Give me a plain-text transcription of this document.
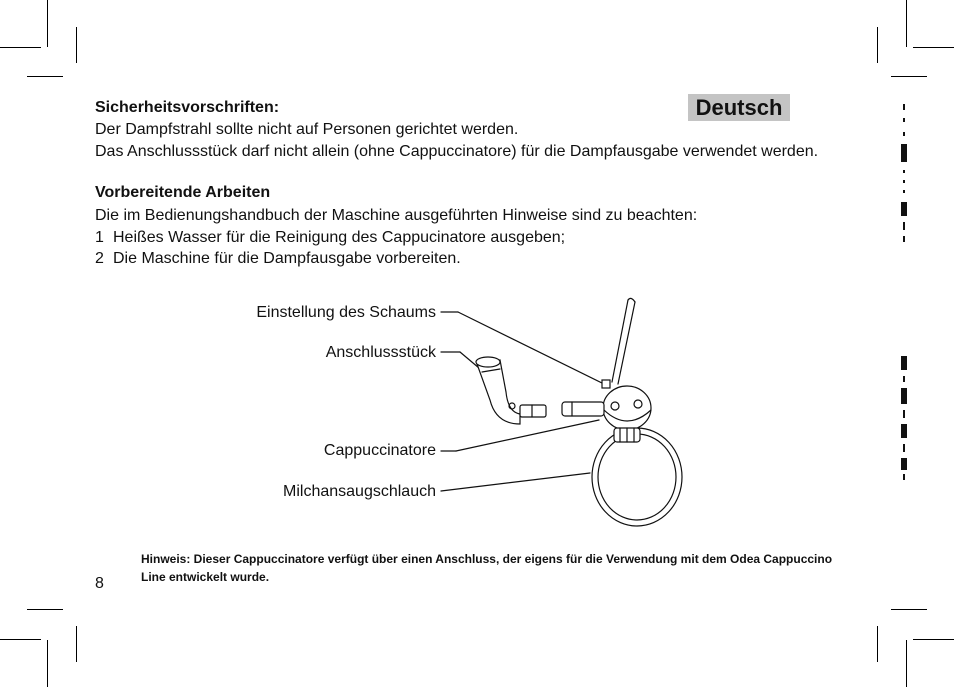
Deutsch
Sicherheitsvorschriften:
Der Dampfstrahl sollte nicht auf Personen gerichtet werden.
Das Anschlussstück darf nicht allein (ohne Cappuccinatore) für die Dampfausgabe verwendet werden.
Vorbereitende Arbeiten
Die im Bedienungshandbuch der Maschine ausgeführten Hinweise sind zu beachten:
1 Heißes Wasser für die Reinigung des Cappucinatore ausgeben;
2 Die Maschine für die Dampfausgabe vorbereiten.
Einstellung des Schaums
Anschlussstück
Cappuccinatore
Milchansaugschlauch
Hinweis: Dieser Cappuccinatore verfügt über einen Anschluss, der eigens für die Verwendung mit dem Odea Cappuccino Line entwickelt wurde.
8
